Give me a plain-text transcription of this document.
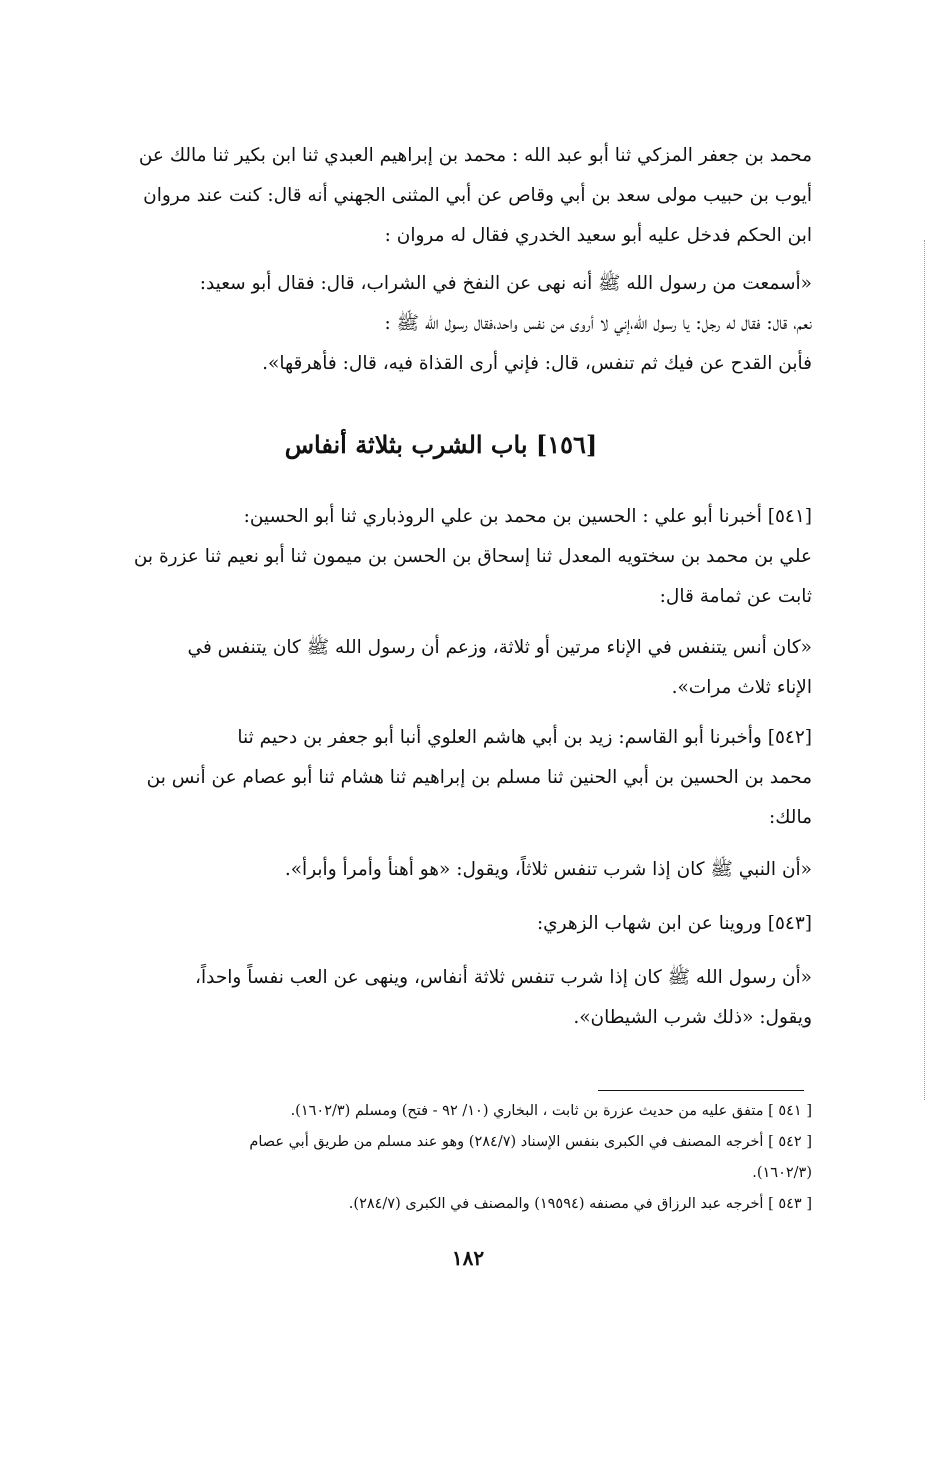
محمد بن جعفر المزكي ثنا أبو عبد الله : محمد بن إبراهيم العبدي ثنا ابن بكير ثنا مالك عن
أيوب بن حبيب مولى سعد بن أبي وقاص عن أبي المثنى الجهني أنه قال: كنت عند مروان
ابن الحكم فدخل عليه أبو سعيد الخدري فقال له مروان :
«أسمعت من رسول الله ﷺ أنه نهى عن النفخ في الشراب، قال: فقال أبو سعيد:
نعم، قال: فقال له رجل: يا رسول الله،إني لا أروى من نفس واحد،فقال رسول الله ﷺ :
فأبن القدح عن فيك ثم تنفس، قال: فإني أرى القذاة فيه، قال: فأهرقها».
[١٥٦] باب الشرب بثلاثة أنفاس
[٥٤١] أخبرنا أبو علي : الحسين بن محمد بن علي الروذباري ثنا أبو الحسين:
علي بن محمد بن سختويه المعدل ثنا إسحاق بن الحسن بن ميمون ثنا أبو نعيم ثنا عزرة بن
ثابت عن ثمامة قال:
«كان أنس يتنفس في الإناء مرتين أو ثلاثة، وزعم أن رسول الله ﷺ كان يتنفس في
الإناء ثلاث مرات».
[٥٤٢] وأخبرنا أبو القاسم: زيد بن أبي هاشم العلوي أنبا أبو جعفر بن دحيم ثنا
محمد بن الحسين بن أبي الحنين ثنا مسلم بن إبراهيم ثنا هشام ثنا أبو عصام عن أنس بن
مالك:
«أن النبي ﷺ كان إذا شرب تنفس ثلاثاً، ويقول: «هو أهنأ وأمرأ وأبرأ».
[٥٤٣] وروينا عن ابن شهاب الزهري:
«أن رسول الله ﷺ كان إذا شرب تنفس ثلاثة أنفاس، وينهى عن العب نفساً واحداً،
ويقول: «ذلك شرب الشيطان».
[ ٥٤١ ] متفق عليه من حديث عزرة بن ثابت ، البخاري (١٠/ ٩٢ - فتح) ومسلم (١٦٠٢/٣).
[ ٥٤٢ ] أخرجه المصنف في الكبرى بنفس الإسناد (٢٨٤/٧) وهو عند مسلم من طريق أبي عصام
(١٦٠٢/٣).
[ ٥٤٣ ] أخرجه عبد الرزاق في مصنفه (١٩٥٩٤) والمصنف في الكبرى (٢٨٤/٧).
١٨٢
